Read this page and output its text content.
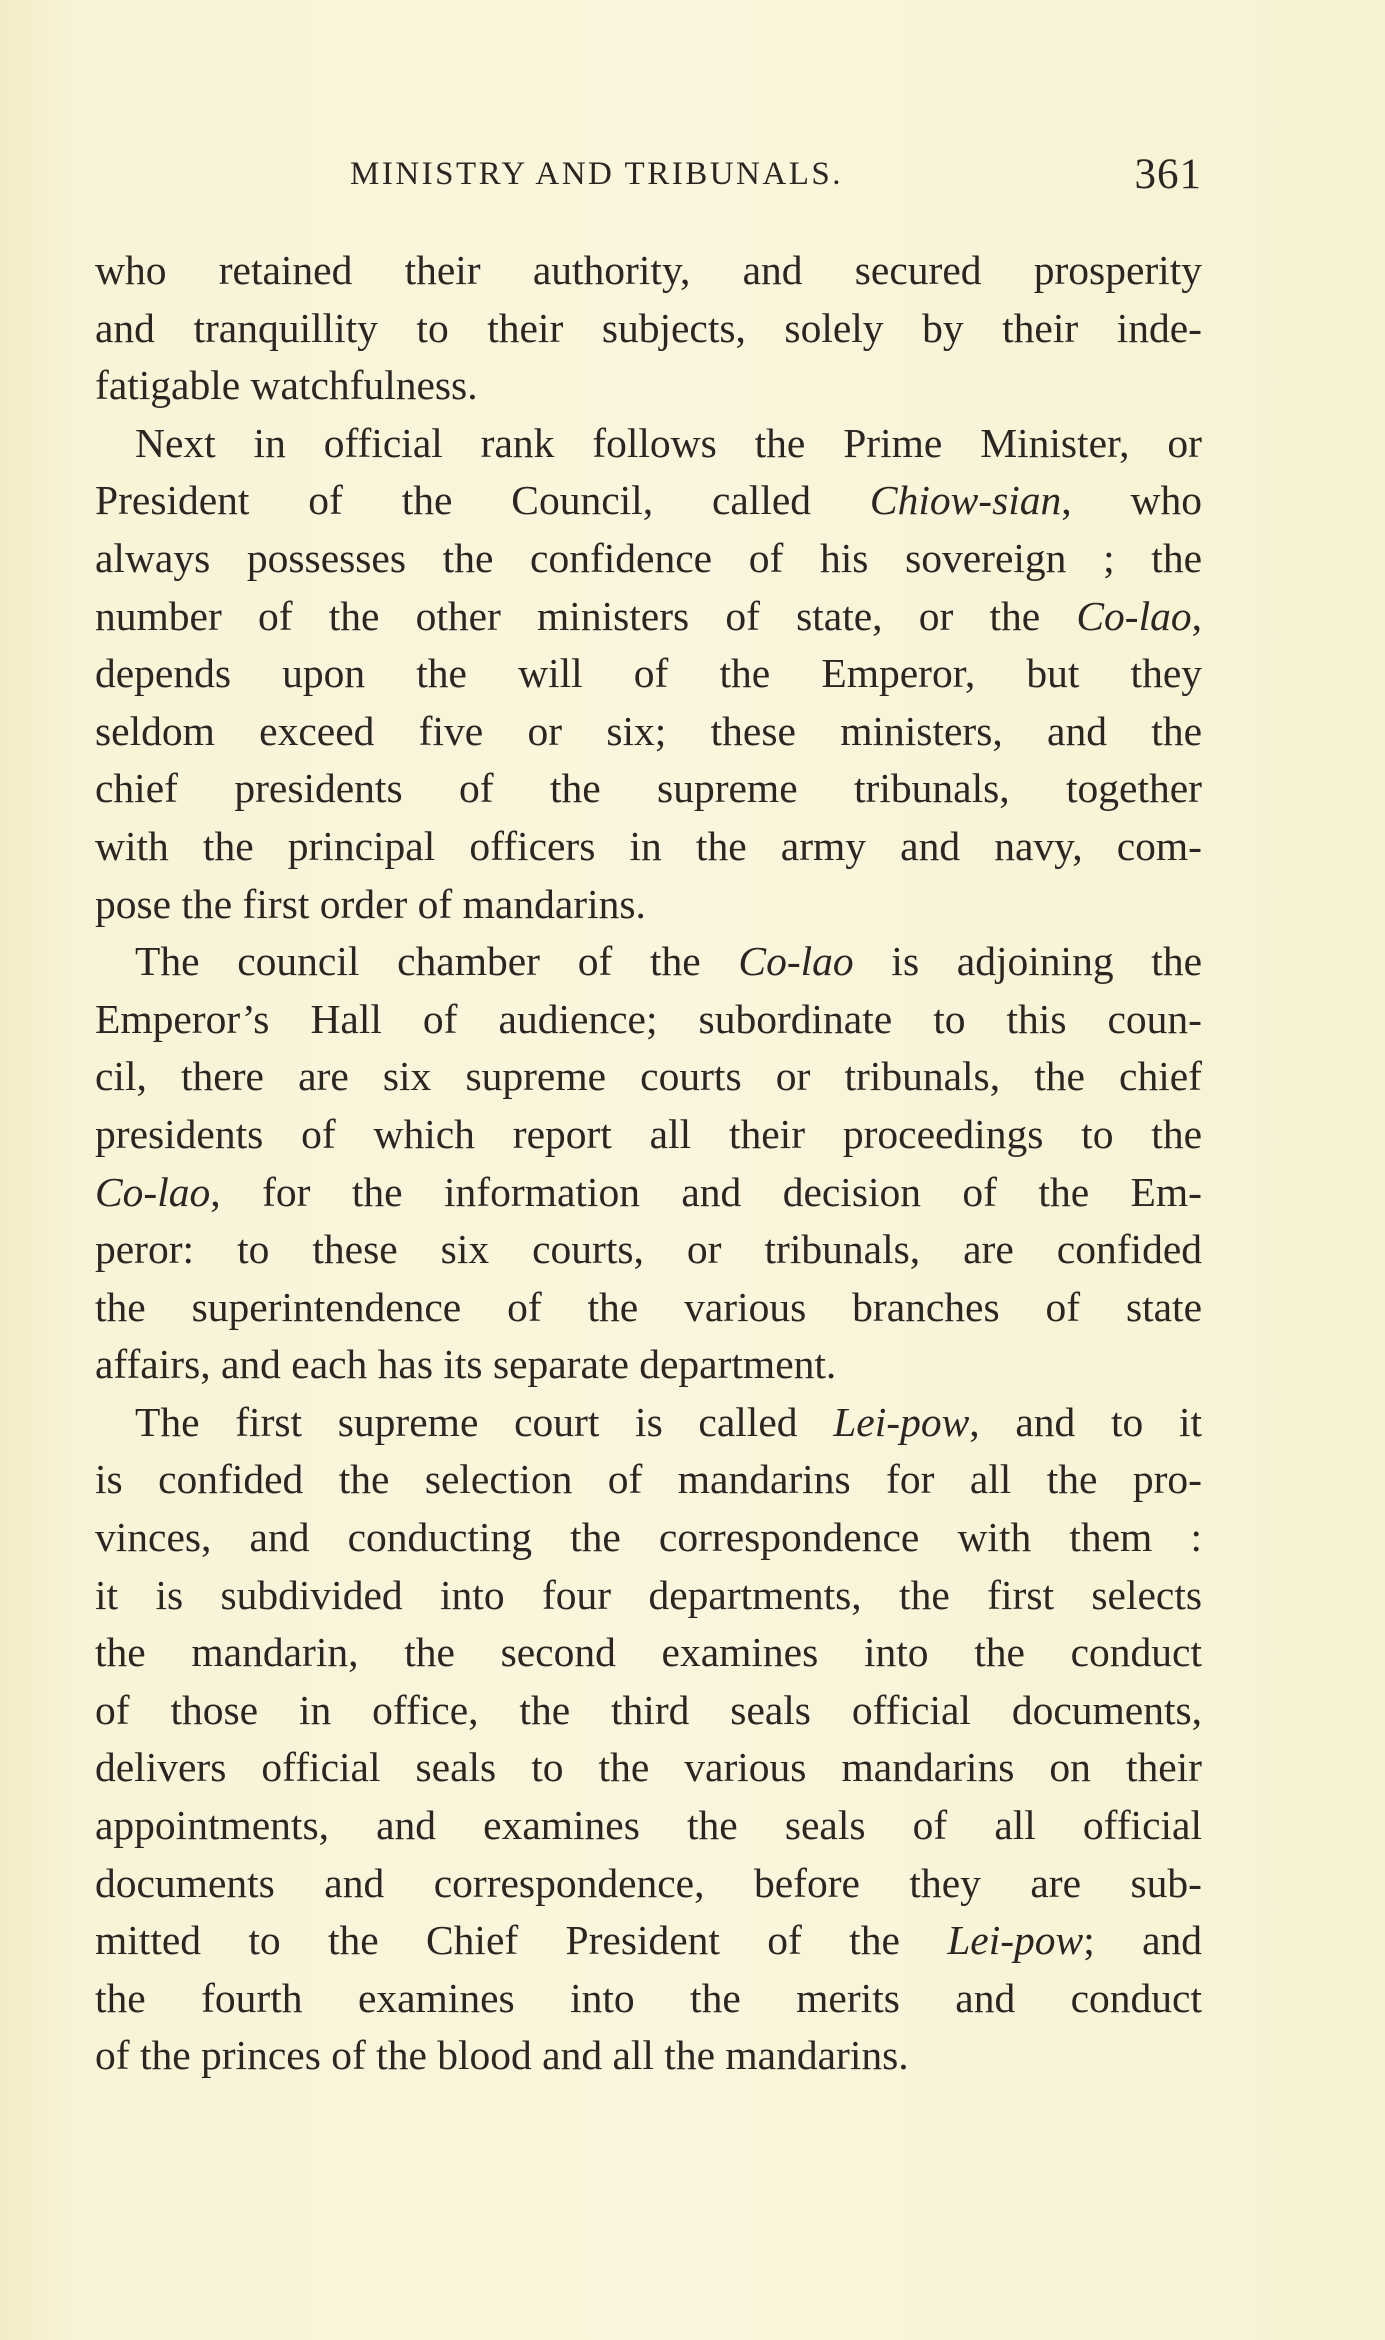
MINISTRY AND TRIBUNALS.	361
who retained their authority, and secured prosperity
and tranquillity to their subjects, solely by their inde-
fatigable watchfulness.
Next in official rank follows the Prime Minister, or
President of the Council, called Chiow-sian, who
always possesses the confidence of his sovereign ; the
number of the other ministers of state, or the Co-lao,
depends upon the will of the Emperor, but they
seldom exceed five or six; these ministers, and the
chief presidents of the supreme tribunals, together
with the principal officers in the army and navy, com-
pose the first order of mandarins.
The council chamber of the Co-lao is adjoining the
Emperor’s Hall of audience; subordinate to this coun-
cil, there are six supreme courts or tribunals, the chief
presidents of which report all their proceedings to the
Co-lao, for the information and decision of the Em-
peror: to these six courts, or tribunals, are confided
the superintendence of the various branches of state
affairs, and each has its separate department.
The first supreme court is called Lei-pow, and to it
is confided the selection of mandarins for all the pro-
vinces, and conducting the correspondence with them :
it is subdivided into four departments, the first selects
the mandarin, the second examines into the conduct
of those in office, the third seals official documents,
delivers official seals to the various mandarins on their
appointments, and examines the seals of all official
documents and correspondence, before they are sub-
mitted to the Chief President of the Lei-pow; and
the fourth examines into the merits and conduct
of the princes of the blood and all the mandarins.
